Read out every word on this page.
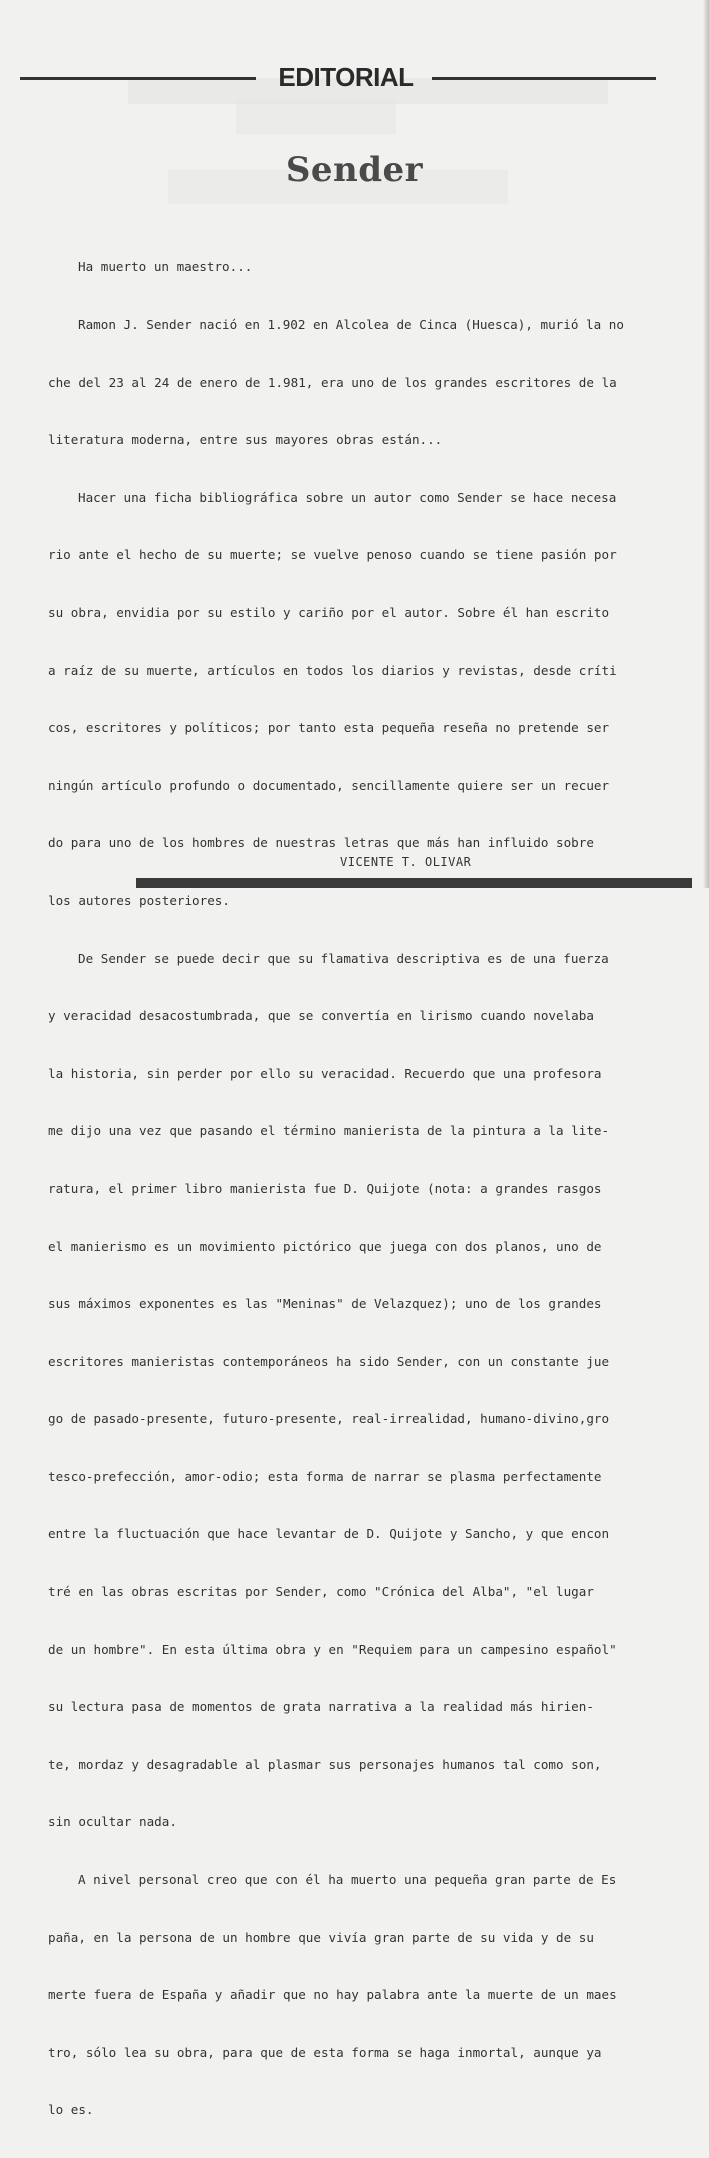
EDITORIAL
Sender

Ha muerto un maestro...

Ramon J. Sender nació en 1.902 en Alcolea de Cinca (Huesca), murió la no

che del 23 al 24 de enero de 1.981, era uno de los grandes escritores de la

literatura moderna, entre sus mayores obras están...

Hacer una ficha bibliográfica sobre un autor como Sender se hace necesa

rio ante el hecho de su muerte; se vuelve penoso cuando se tiene pasión por

su obra, envidia por su estilo y cariño por el autor. Sobre él han escrito

a raíz de su muerte, artículos en todos los diarios y revistas, desde críti

cos, escritores y políticos; por tanto esta pequeña reseña no pretende ser

ningún artículo profundo o documentado, sencillamente quiere ser un recuer

do para uno de los hombres de nuestras letras que más han influido sobre

los autores posteriores.

De Sender se puede decir que su flamativa descriptiva es de una fuerza

y veracidad desacostumbrada, que se convertía en lirismo cuando novelaba

la historia, sin perder por ello su veracidad. Recuerdo que una profesora

me dijo una vez que pasando el término manierista de la pintura a la lite-

ratura, el primer libro manierista fue D. Quijote (nota: a grandes rasgos

el manierismo es un movimiento pictórico que juega con dos planos, uno de

sus máximos exponentes es las "Meninas" de Velazquez); uno de los grandes

escritores manieristas contemporáneos ha sido Sender, con un constante jue

go de pasado-presente, futuro-presente, real-irrealidad, humano-divino,gro

tesco-prefección, amor-odio; esta forma de narrar se plasma perfectamente

entre la fluctuación que hace levantar de D. Quijote y Sancho, y que encon

tré en las obras escritas por Sender, como "Crónica del Alba", "el lugar

de un hombre". En esta última obra y en "Requiem para un campesino español"

su lectura pasa de momentos de grata narrativa a la realidad más hirien-

te, mordaz y desagradable al plasmar sus personajes humanos tal como son,

sin ocultar nada.

A nivel personal creo que con él ha muerto una pequeña gran parte de Es

paña, en la persona de un hombre que vivía gran parte de su vida y de su

merte fuera de España y añadir que no hay palabra ante la muerte de un maes

tro, sólo lea su obra, para que de esta forma se haga inmortal, aunque ya

lo es.

VICENTE T. OLIVAR
